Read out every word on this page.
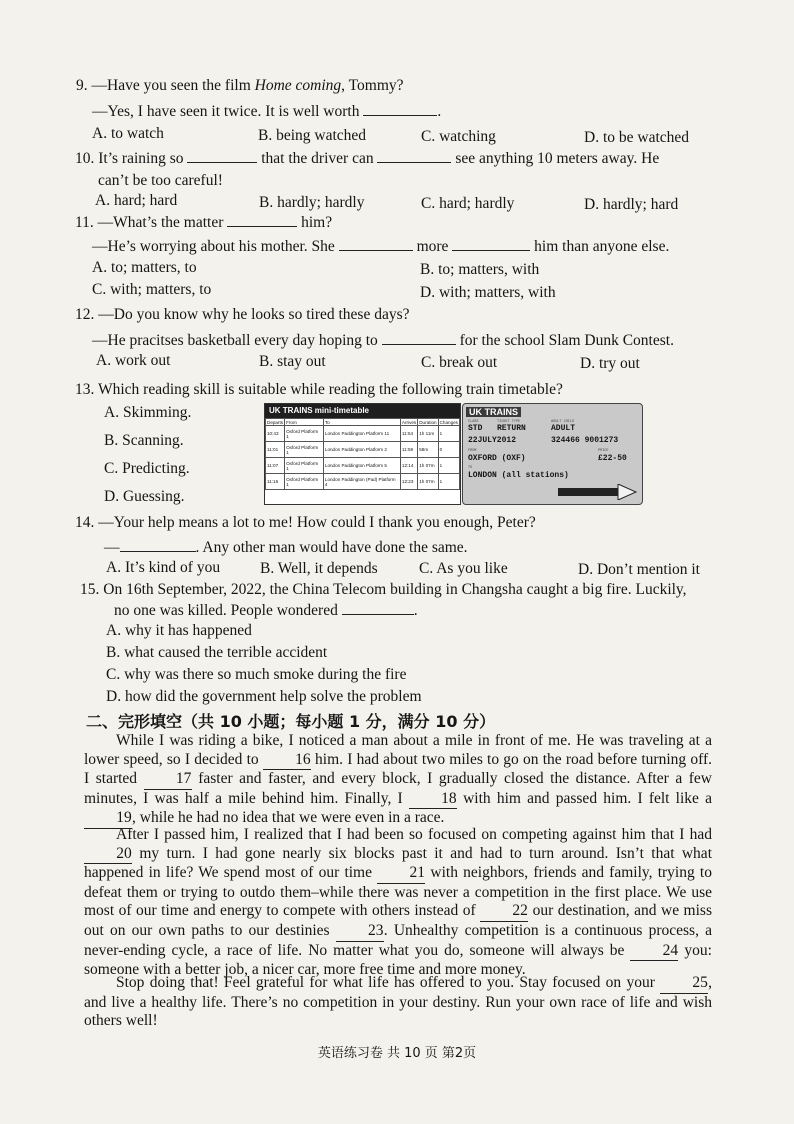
9. —Have you seen the film Home coming, Tommy?
—Yes, I have seen it twice. It is well worth	.
A. to watch	B. being watched	C. watching	D. to be watched
10. It’s raining so	that the driver can	see anything 10 meters away. He
can’t be too careful!
A. hard; hard	B. hardly; hardly	C. hard; hardly	D. hardly; hard
11. —What’s the matter	him?
—He’s worrying about his mother. She	more	him than anyone else.
A. to; matters, to	B. to; matters, with
C. with; matters, to	D. with; matters, with
12. —Do you know why he looks so tired these days?
—He pracitses basketball every day hoping to	for the school Slam Dunk Contest.
A. work out	B. stay out	C. break out	D. try out
13. Which reading skill is suitable while reading the following train timetable?
A. Skimming.
B. Scanning.
C. Predicting.
D. Guessing.
UK TRAINS mini-timetable
Departs	From	To	Arrives	Duration	Changes
10:43	Oxford Platform 1	London Paddington Platform 11	11:54	1h 11m	1
11:01	Oxford Platform 1	London Paddington Platform 2	11:59	58m	0
11:07	Oxford Platform 1	London Paddington Platform 5	12:14	1h 07m	1
11:16	Oxford Platform 1	London Paddington (Pad) Platform 4	12:23	1h 07m	1
UK TRAINS
CLASS	TICKET TYPE	ADULT CHILD
STD RETURN	ADULT
22JULY2012	324466 9001273
FROM	PRICE
OXFORD (OXF)	£22-50
TO
LONDON (all stations)
14. —Your help means a lot to me! How could I thank you enough, Peter?
—	. Any other man would have done the same.
A. It’s kind of you	B. Well, it depends	C. As you like	D. Don’t mention it
15. On 16th September, 2022, the China Telecom building in Changsha caught a big fire. Luckily,
no one was killed. People wondered	.
A. why it has happened
B. what caused the terrible accident
C. why was there so much smoke during the fire
D. how did the government help solve the problem
二、完形填空（共 10 小题；每小题 1 分，满分 10 分）
While I was riding a bike, I noticed a man about a mile in front of me. He was traveling at a lower speed, so I decided to 16 him. I had about two miles to go on the road before turning off. I started 17 faster and faster, and every block, I gradually closed the distance. After a few minutes, I was half a mile behind him. Finally, I 18 with him and passed him. I felt like a 19, while he had no idea that we were even in a race.
After I passed him, I realized that I had been so focused on competing against him that I had 20 my turn. I had gone nearly six blocks past it and had to turn around. Isn’t that what happened in life? We spend most of our time 21 with neighbors, friends and family, trying to defeat them or trying to outdo them–while there was never a competition in the first place. We use most of our time and energy to compete with others instead of 22 our destination, and we miss out on our own paths to our destinies 23. Unhealthy competition is a continuous process, a never-ending cycle, a race of life. No matter what you do, someone will always be 24 you: someone with a better job, a nicer car, more free time and more money.
Stop doing that! Feel grateful for what life has offered to you. Stay focused on your 25, and live a healthy life. There’s no competition in your destiny. Run your own race of life and wish others well!
英语练习卷 共 10 页 第2页
